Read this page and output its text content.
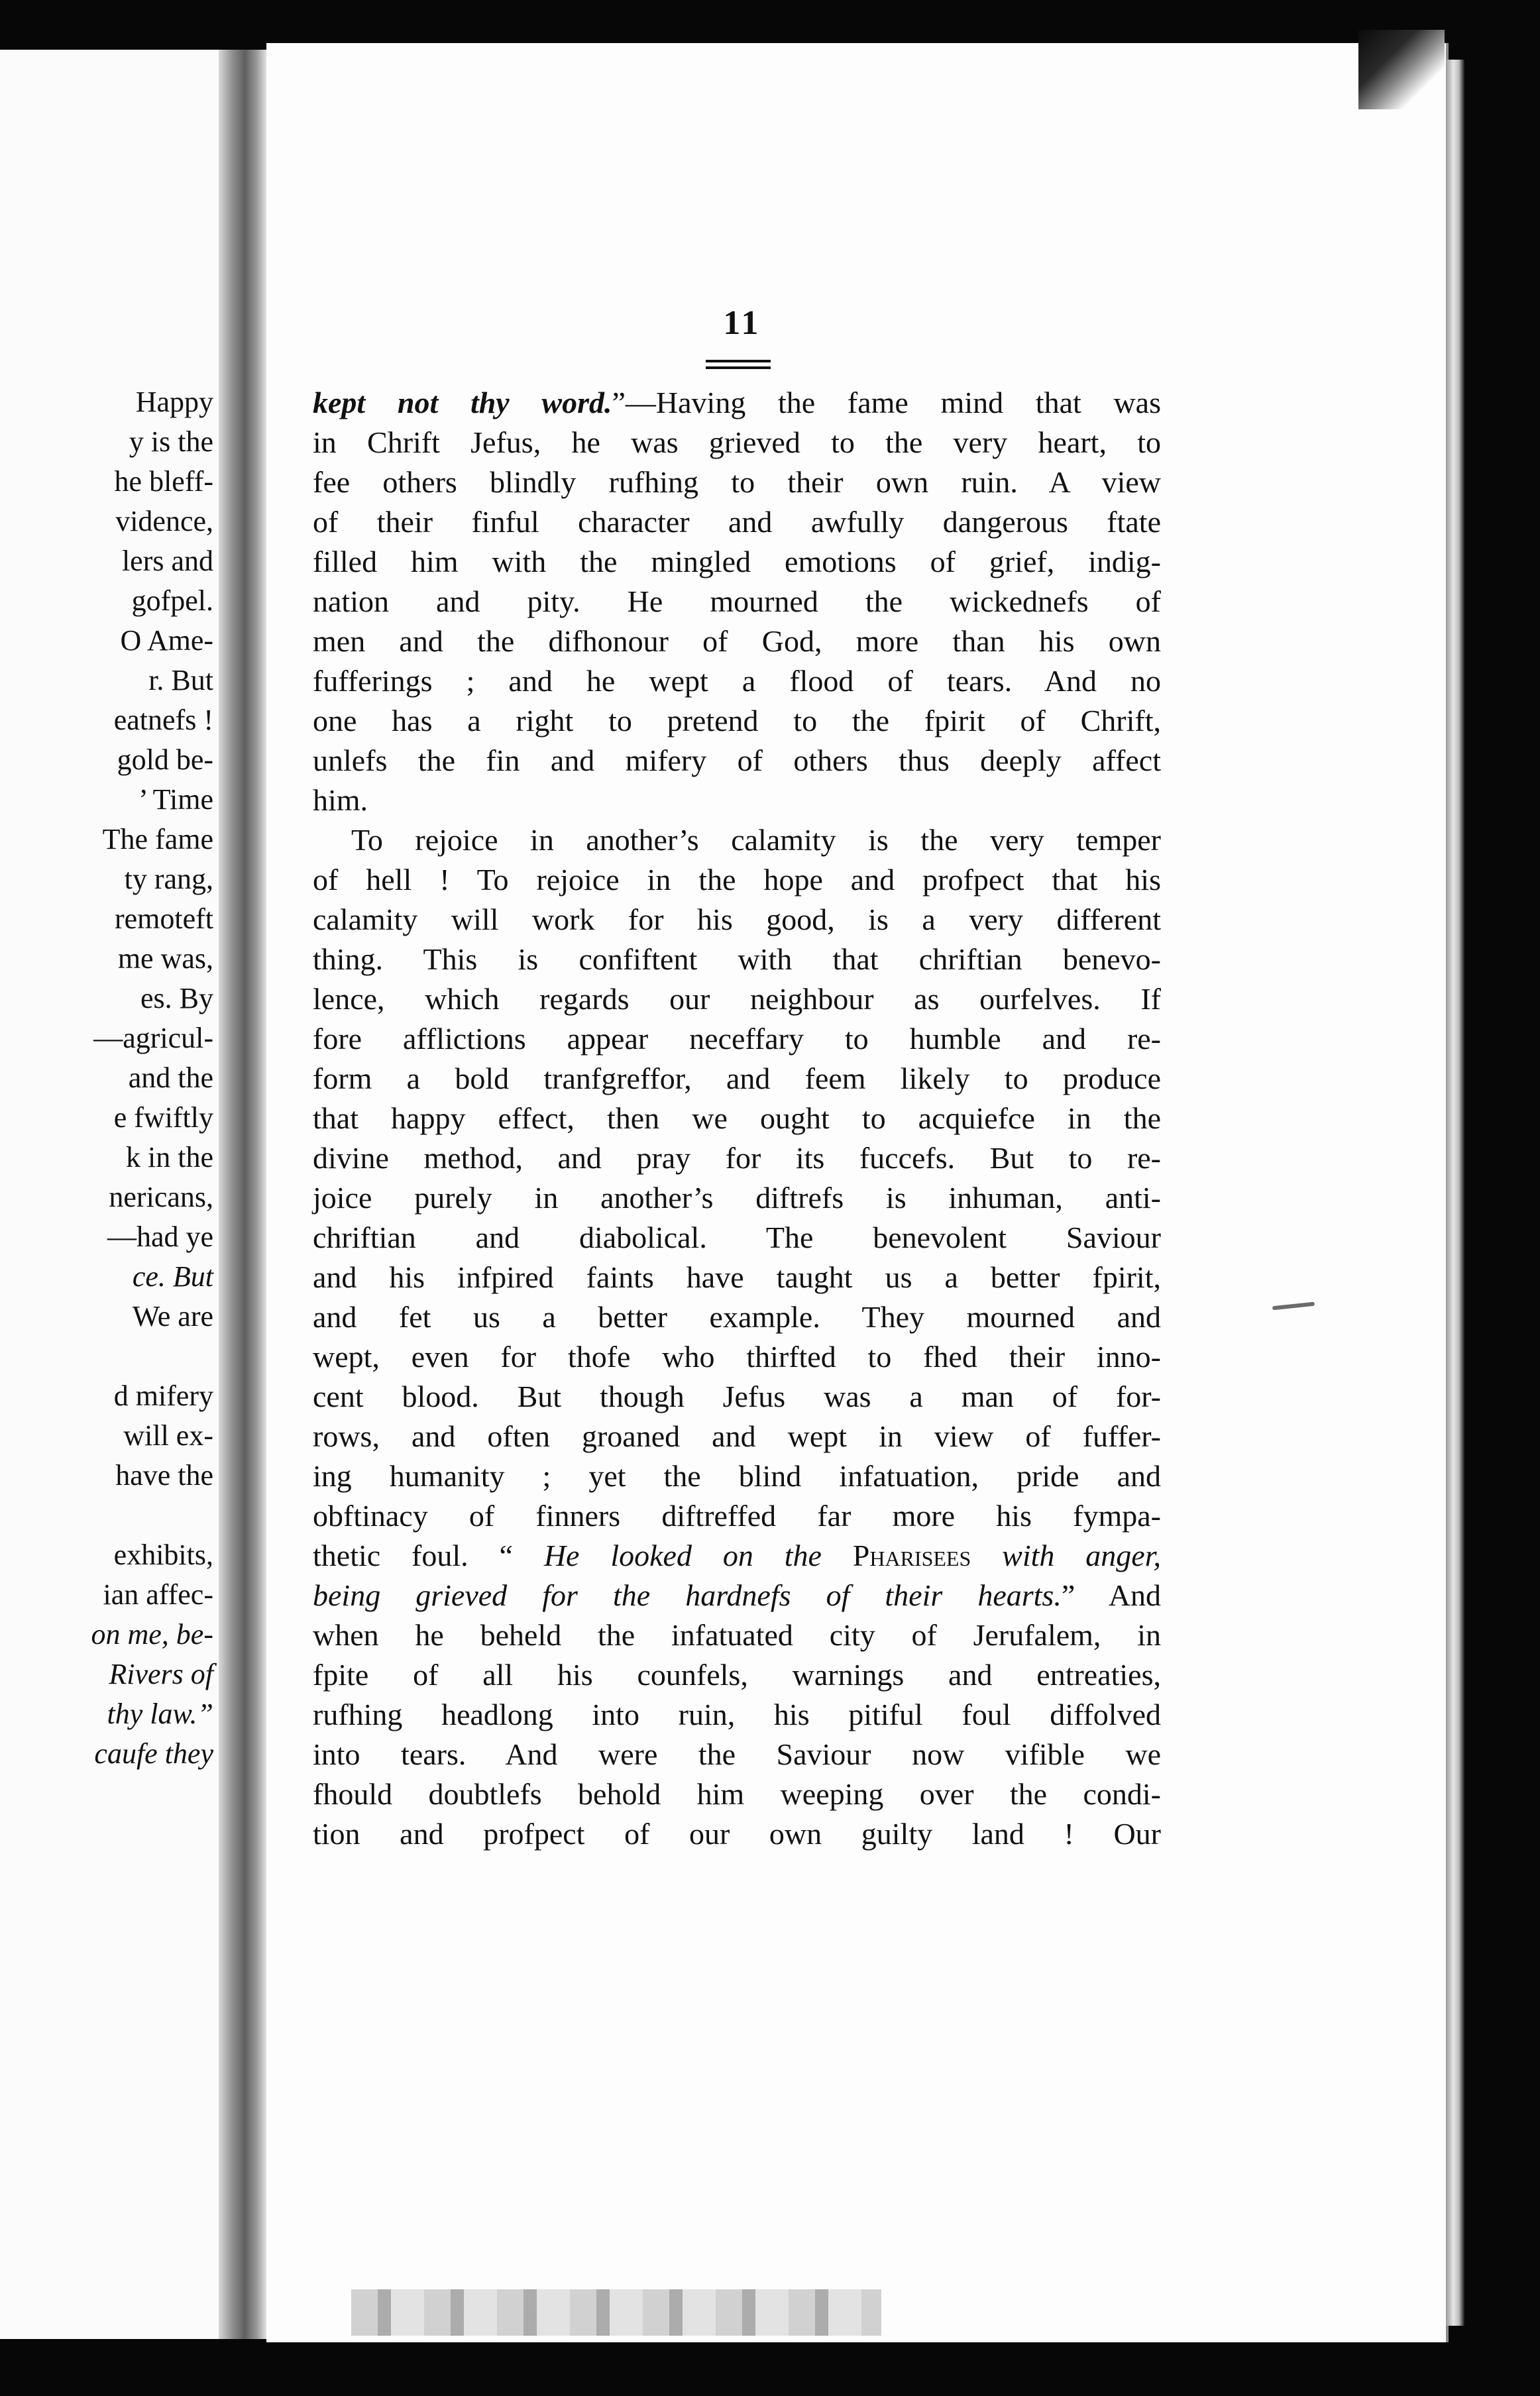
Happy
y is the
he bleff-
vidence,
lers and
gofpel.
O Ame-
r. But
eatnefs !
gold be-
’ Time
The fame
ty rang,
remoteft
me was,
es. By
—agricul-
and the
e fwiftly
k in the
nericans,
—had ye
ce. But
We are
d mifery
will ex-
have the
exhibits,
ian affec-
on me, be-
Rivers of
thy law.”
caufe they
11
kept not thy word.”—Having the fame mind that was
in Chrift Jefus, he was grieved to the very heart, to
fee others blindly rufhing to their own ruin. A view
of their finful character and awfully dangerous ftate
filled him with the mingled emotions of grief, indig-
nation and pity. He mourned the wickednefs of
men and the difhonour of God, more than his own
fufferings ; and he wept a flood of tears. And no
one has a right to pretend to the fpirit of Chrift,
unlefs the fin and mifery of others thus deeply affect
him.
To rejoice in another’s calamity is the very temper
of hell ! To rejoice in the hope and profpect that his
calamity will work for his good, is a very different
thing. This is confiftent with that chriftian benevo-
lence, which regards our neighbour as ourfelves. If
fore afflictions appear neceffary to humble and re-
form a bold tranfgreffor, and feem likely to produce
that happy effect, then we ought to acquiefce in the
divine method, and pray for its fuccefs. But to re-
joice purely in another’s diftrefs is inhuman, anti-
chriftian and diabolical. The benevolent Saviour
and his infpired faints have taught us a better fpirit,
and fet us a better example. They mourned and
wept, even for thofe who thirfted to fhed their inno-
cent blood. But though Jefus was a man of for-
rows, and often groaned and wept in view of fuffer-
ing humanity ; yet the blind infatuation, pride and
obftinacy of finners diftreffed far more his fympa-
thetic foul. “ He looked on the Pharisees with anger,
being grieved for the hardnefs of their hearts.” And
when he beheld the infatuated city of Jerufalem, in
fpite of all his counfels, warnings and entreaties,
rufhing headlong into ruin, his pitiful foul diffolved
into tears. And were the Saviour now vifible we
fhould doubtlefs behold him weeping over the condi-
tion and profpect of our own guilty land ! Our
